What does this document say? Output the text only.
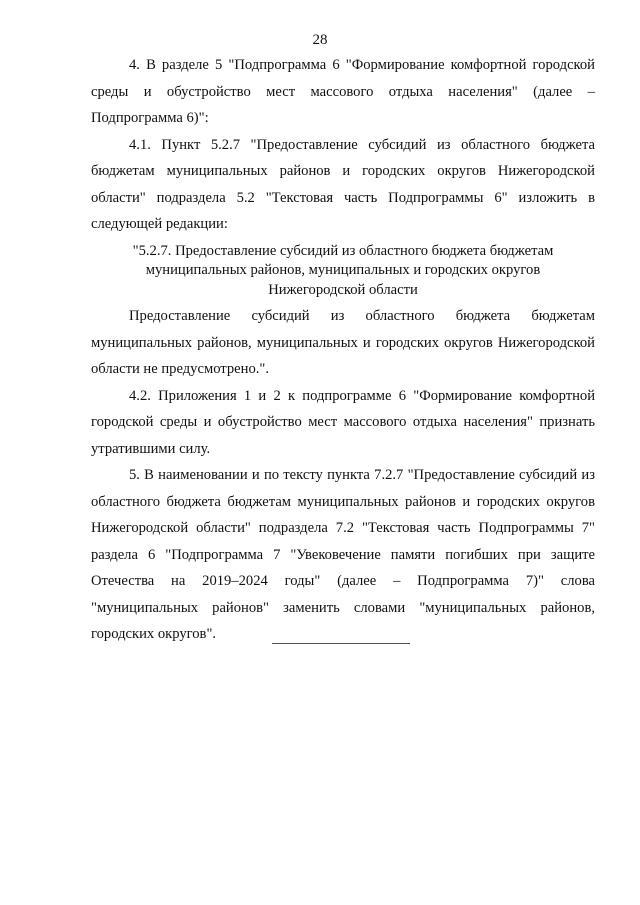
28

4. В разделе 5 "Подпрограмма 6 "Формирование комфортной городской среды и обустройство мест массового отдыха населения" (далее – Подпрограмма 6)":

4.1. Пункт 5.2.7 "Предоставление субсидий из областного бюджета бюджетам муниципальных районов и городских округов Нижегородской области" подраздела 5.2 "Текстовая часть Подпрограммы 6" изложить в следующей редакции:

"5.2.7. Предоставление субсидий из областного бюджета бюджетам
муниципальных районов, муниципальных и городских округов
Нижегородской области

Предоставление субсидий из областного бюджета бюджетам муниципальных районов, муниципальных и городских округов Нижегородской области не предусмотрено.".

4.2. Приложения 1 и 2 к подпрограмме 6 "Формирование комфортной городской среды и обустройство мест массового отдыха населения" признать утратившими силу.

5. В наименовании и по тексту пункта 7.2.7 "Предоставление субсидий из областного бюджета бюджетам муниципальных районов и городских округов Нижегородской области" подраздела 7.2 "Текстовая часть Подпрограммы 7" раздела 6 "Подпрограмма 7 "Увековечение памяти погибших при защите Отечества на 2019–2024 годы" (далее – Подпрограмма 7)" слова "муниципальных районов" заменить словами "муниципальных районов, городских округов".
